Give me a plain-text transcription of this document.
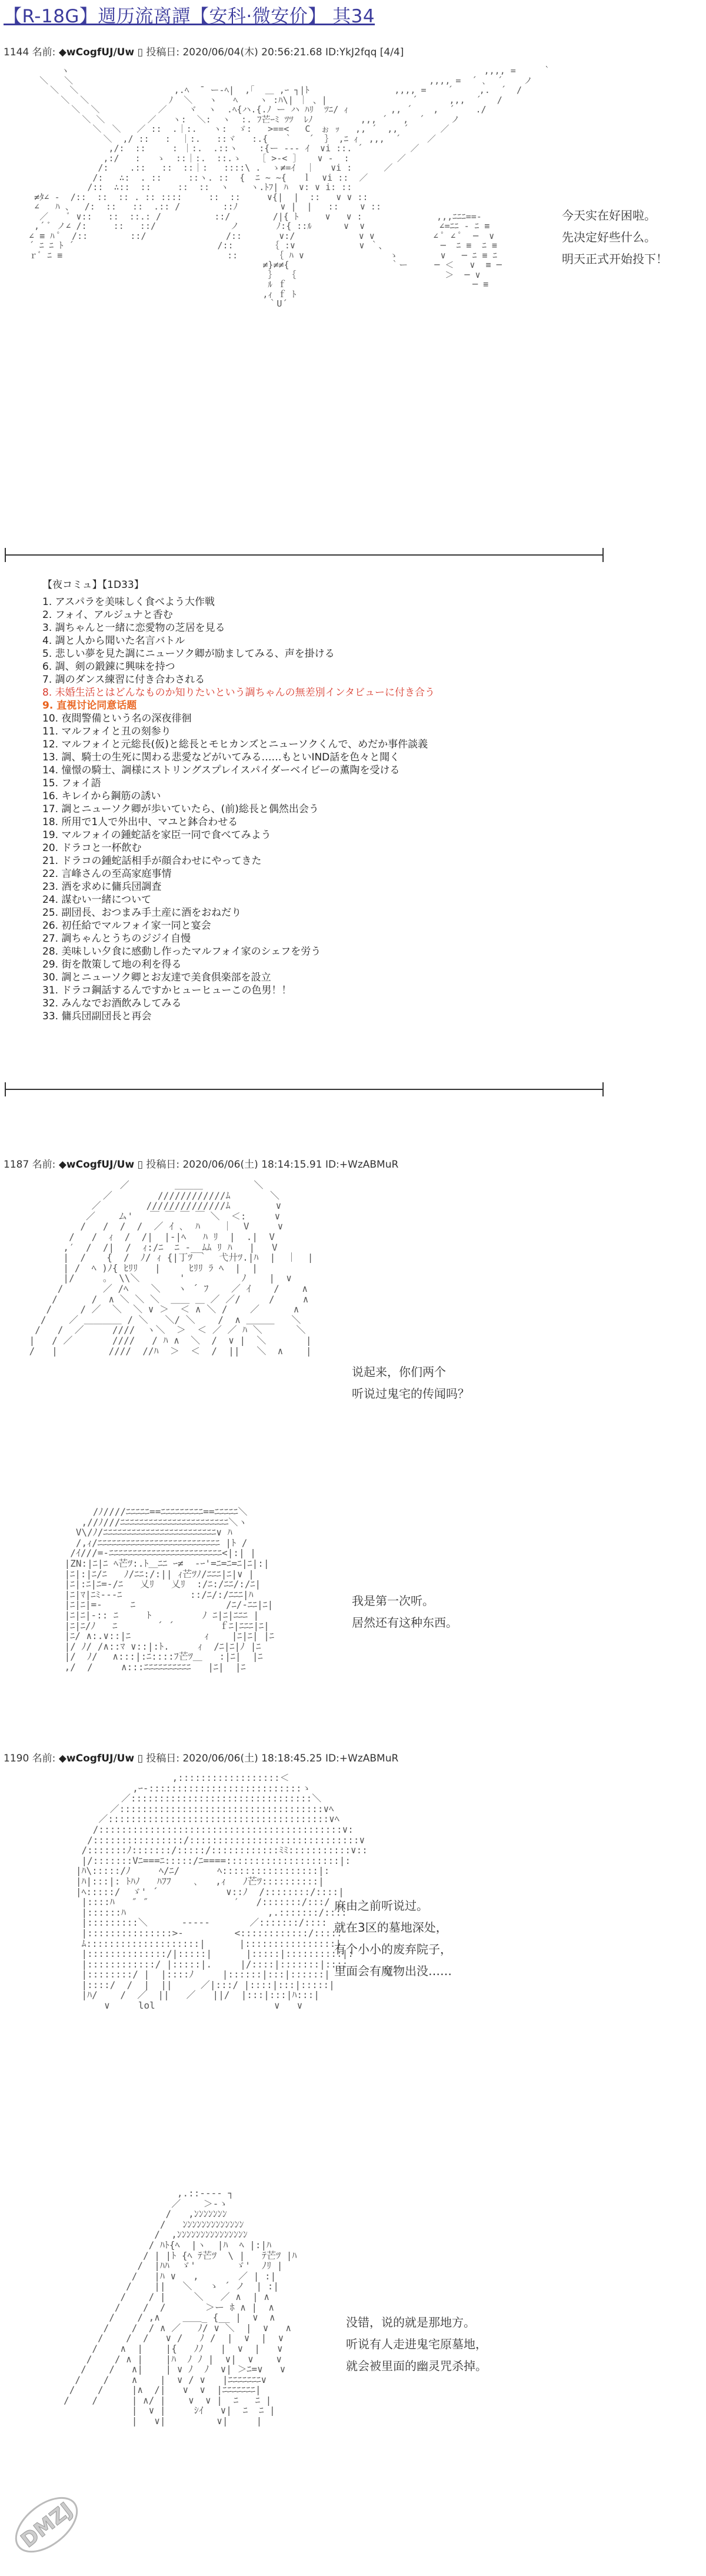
【R-18G】週历流离譚【安科·微安价】 其34
1144 名前: ◆wCogfUJ/Uw ▯ 投稿日: 2020/06/04(木) 20:56:21.68 ID:YkJ2fqq [4/4]
ヽ                                                                              ,,,, =     ｀
＼   ＼                                                                   ,,,, =  ´ ､  ´    ノ
＼  ＼                  ,.ﾍ  ̄  ー-ﾍ|  ,｢  ＿ ,ｰ ┐|ﾄ                ,,,, =    ´     ,.  ´  /
＼  ＼               ﾉ  ＼   ヽ   ﾍ    ヽ :ﾊ\| ｜ 、|                ´      ,,,  ´   /
＼  ＼           ／    ヾ  ヽ  .ﾍ{ハ.{.ﾉ ー ハ ﾊﾘ  ﾂﾆ/ ｨ        ,, ´    ,  ´    ./
＼ ＼        ／   ヽ:  ＼:  ヽ  :. ﾌ芒ｰﾐ ﾂﾂ  ﾚﾉ         ,,, ´   ,  ´     ノ
＼  ＼   ／ ::  .｜:.   ヽ:  ゞ:   >==<   C  ぉ ｯ   ,, ´  ,, ´      ／
＼  ,/ ::   :  ｜:.   ::ヾ   :.{   ｀   ´  ｝ ,ﾆ ｨ  ,,,  ´     ／
,/:  ::     : ｜:.  .::ヽ    :{ー --- ｲ  ∨i ::. ´         ／
,:/   :   ゝ  ::｜:.  ::.ゝ   ［ >-< ］   ∨ ‐  :         ／
/:    .::   ::  ::｜:   ::::\ .  ゝ≠=ｲ  ｜   ∨i :      ／
/:   ∴:  . ::     ::ヽ. ::  {  ﾆ ~ ~{   ｌ  ∨i ::  ／
/::  ∴::  ::     ::  ::  ヽ    ヽ.ﾄﾌ| ﾊ  ∨: ∨ i: ::
≠ﾀ∠ -  /::  ::  :: . :: ::::     ::  ::     ∨{|  |  ::   ∨ ∨ ::
∠   ﾊ 、  /:  ::   ::  .:: /        ::ﾉ        ∨ |  |   ::    ∨ ::
／    ﾞ ∨::   ::  ::.: /          ::/        /|{ ﾄ     ∨   ∨ :              ,,,ﾆﾆﾆ==-
,´ ﾞ ノ∠ /:     ::   ::/              ノ       ﾉ:{ ::ﾙ      ∨  ∨              ∠=ﾆﾆ - ﾆ ≡
∠ ≡ ﾊ ﾟ  /::        ::/               /::       ∨:/            ∨ ∨           ∠ ﾟ ∠ ﾟ  ─  ∨
´ ﾆ ﾆ ﾄ ´                           /::       ｛ :∨            ∨ ｀、          ─  ﾆ ≡  ﾆ ≡
ｒﾞ ﾆ ≡                               ::       ｛ ﾊ ∨                ゝ        ∨   ─ ﾆ ≡ ﾆ
≠}≠≠{                   ｀ー     ─ ＜   ∨  ≡ ─
｝  ｛                            ＞  ─ ∨
ﾙ ｆ                                   ─ ≡
,ｨ ｆ ﾄ
｀U´

今天实在好困啦。
先决定好些什么。
明天正式开始投下！
【夜コミュ】【1D33】
1. アスパラを美味しく食べよう大作戦
2. フォイ、アルジュナと香む
3. 調ちゃんと一緒に恋愛物の芝居を見る
4. 調と人から聞いた名言バトル
5. 悲しい夢を見た調にニューソク卿が励ましてみる、声を掛ける
6. 調、剣の鍛錬に興味を持つ
7. 調のダンス練習に付き合わされる
8. 未婚生活とはどんなものか知りたいという調ちゃんの無差別インタビューに付き合う
9. 直視讨论同意话题
10. 夜間警備という名の深夜徘徊
11. マルフォイと丑の刻参り
12. マルフォイと元総長(仮)と総長とモヒカンズとニューソクくんで、めだか事件談義
13. 調、騎士の生死に関わる悲愛などがいてみる……もといIND話を色々と聞く
14. 憧憬の騎士、調様にストリングスプレイスパイダーベイビーの薫陶を受ける
15. フォイ語
16. キレイから鋼筋の誘い
17. 調とニューソク卿が歩いていたら、(前)総長と偶然出会う
18. 所用で1人で外出中、マユと鉢合わせる
19. マルフォイの鍾蛇話を家臣一同で食べてみよう
20. ドラコと一杯飲む
21. ドラコの鍾蛇話相手が顔合わせにやってきた
22. 言峰さんの至高家庭事情
23. 酒を求めに傭兵団調査
24. 謀むい一緒について
25. 副団長、おつまみ手土産に酒をおねだり
26. 初任給でマルフォイ家一同と宴会
27. 調ちゃんとうちのジジイ自慢
28. 美味しい夕食に感動し作ったマルフォイ家のシェフを労う
29. 街を散策して地の利を得る
30. 調とニューソク卿とお友達で美食倶楽部を設立
31. ドラコ鋼話するんですかヒューヒューこの色男！！
32. みんなでお酒飲みしてみる
33. 傭兵団副団長と再会
1187 名前: ◆wCogfUJ/Uw ▯ 投稿日: 2020/06/06(土) 18:14:15.91 ID:+WzABMuR
／        ＿＿＿         ＼
／        ////////////ﾑ       ＼
／        //////////////ﾑ        ∨
／    ム'   ￣ ￣ ￣ ￣ ＼  ＜:     ∨
/   /  /  /  ／ ｲ ､  ﾊ    ｜  V     ∨
/   /  ｨ  /  /|  |-|ﾍ   ﾊ ﾘ  |  .|  V
,′  /  /|  /  ｨ:/ﾆ  ﾆ ‐__ﾑﾑ ﾘ ﾊ   |   V
|  / 　 {  /  ﾉ/ ｨ {|丁ﾂ ｀  弋廾ﾂ.|ﾊ  |  ｜  |
| /  ﾍ )ﾉ{ ﾋﾘﾘ   |     ﾋﾘﾘ ﾗ ﾍ  |  |
|/     ｡  \\＼       '          ﾉ    |  ∨
/       ／ /ﾍ    ＼   ヽ ´ ﾌ    ／ ｲ    /    ∧
/      /  ∧ ＼ ＼ ＼  ＿＿ ＿ ／ ／/     /     ∧
/     / ／  ＼  ＼ ∨ ＞  ＜ ∧ ＼ /    ／      ∧
/    ／ ＿＿＿＿ / ＼   ＼/ ＼    /  ∧ ＿＿＿   ＼
/   /  ／     ////  ヽ＼  ＞  ＜ ／ ／ ﾊ ＼      ＼
|   / ／       ////   / ﾊ ∧  ＼  /  ∨ |  ＼       |
/   |         ////  //ﾊ  ＞  ＜  /  ||   ＼  ∧    |

说起来，你们两个
听说过鬼宅的传闻吗？
/ﾉ////ﾆﾆﾆﾆﾆ==ﾆﾆﾆﾆﾆﾆﾆﾆﾆ==ﾆﾆﾆﾆﾆ＼
,//ﾉ///ﾆﾆﾆﾆﾆﾆﾆﾆﾆﾆﾆﾆﾆﾆﾆﾆﾆﾆﾆﾆﾆﾆﾆ＼ヽ
V\/ﾉ/ﾆﾆﾆﾆﾆﾆﾆﾆﾆﾆﾆﾆﾆﾆﾆﾆﾆﾆﾆﾆﾆﾆﾆﾆ∨ ﾊ
/,ｨ/ﾆﾆﾆﾆﾆﾆﾆﾆﾆﾆﾆﾆﾆﾆﾆﾆﾆﾆﾆﾆﾆﾆﾆﾆﾆﾆ |ﾄ /
/ｲ///=-ﾆﾆﾆﾆﾆﾆﾆﾆﾆﾆﾆﾆﾆﾆﾆﾆﾆﾆﾆﾆﾆﾆﾆﾆ<|:| |
|ZN:|ﾆ|ﾆ ﾍ芒ﾂ:.ﾄ＿ﾆﾆ ｰ≠  -ｰ'=ﾆ=ﾆ=ﾆ|ﾆ|:|
|ﾆ|:|ﾆ/ﾆ   ﾉ/ﾆﾆ:/:|| ｨ芒ﾂﾉ/ﾆﾆﾆ|ﾆ|∨ |
|ﾆ|:ﾆ|ﾆ=-/ﾆ   乂ﾘ   乂ﾘ  :/ﾆ:/ﾆﾆ/:/ﾆ|
|ﾆ|ﾏ|ﾆﾐ---ﾆ            ::/ﾆ/:/ﾆﾆﾆ|ﾊ
|ﾆ|ﾆ|=-     ﾆ                /ﾆ/-ﾆﾆ|ﾆ|
|ﾆ|ﾆ|-:: ﾆ     ﾄ         ﾉ ﾆ|ﾆ|ﾆﾆﾆ |
|ﾆ|ﾆ/ﾉ   ﾆ       ´ ´        ｆﾆ|ﾆﾆﾆ|ﾆ|
|ﾆ/ ∧:.∨::|ﾆ             ｨ    |ﾆ|ﾆ| |ﾆ
|/ ﾉ/ /∧::ﾏ ∨::|:ﾄ.     ｨ  /ﾆ|ﾆ|ﾉ |ﾆ
|/  ﾉ/ 　∧:::|:ﾆ::::ﾌ芒ﾂ＿   :|ﾆ|  |ﾆ
,/  /     ∧:::ﾆﾆﾆﾆﾆﾆﾆﾆﾆﾆ   |ﾆ|  |ﾆ

我是第一次听。
居然还有这种东西。
1190 名前: ◆wCogfUJ/Uw ▯ 投稿日: 2020/06/06(土) 18:18:45.25 ID:+WzABMuR
,::::::::::::::::::＜
,ｰ-:::::::::::::::::::::::::::ゝ
／::::::::::::::::::::::::::::::::＼
／::::::::::::::::::::::::::::::::::::∨ﾍ
／:::::::::::::::::::::::::::::::::::::::∨ﾍ
/:::::::::::::::::::::::::::::::::::::::::::∨:
/::::::::::::::::/::::::::::::::::::::::::::::::∨
/:::::::ﾉ:::::::/:::::/::::::::::::ﾐﾐ:::::::::::∨::
|/:::::::Vﾆ===ﾆ:::::/ﾆ====::::::::::::::::::::|:
|ﾊ\:::::/ﾉ　　　ﾍ/ﾆ/　　　　ﾍ:::::::::::::::::|:
|ﾊ|:::|: ﾄﾊﾉ   ﾊﾌﾌ    ､   ,ｨ   ﾉ芒ﾂ::::::::::|
|ﾍ:::::/  ゞ' ´            ∨::ﾉ  /::::::::/::::|
|::::ﾊ   ″ ″               ′   /:::::::/:::/
|::::::ﾊ                         ,.:::::::/::::
|:::::::::＼      -‐‐‐-       ／:::::::/::::
|:::::::::::::::>-         <::::::::::::/:::::
ﾑ::::::::::::::::::::|      |::::::::::::::::|
|::::::::::::::/|:::::|      |:::::|::::::::::|:
|::::::::::::/ |:::::|.     |/::::|:::::::|::::
|::::::::/ |  |::::ﾉ     |::::::|:::|::::::|
|::::/  /  |  ||     ／|:::/ |::::|:::|:::::|
|ﾊ/    /  ／  ||   ／   ||/  |:::|:::|ﾊ:::|
∨     lol                     ∨   ∨

麻由之前听说过。
就在3区的墓地深处，
有个小小的废弃院子，
里面会有魔物出没……
,.::-‐‐‐ ┐
／    ＞‐ゝ
/   ,ﾝﾝﾝﾝﾝﾝﾝ
/   ﾝﾝﾝﾝﾝﾝﾝﾝﾝﾝﾝﾝﾝ
/  ,ﾝﾝﾝﾝﾝﾝﾝﾝﾝﾝﾝﾝﾝﾝﾝ
/ ﾊﾄ{ﾍ  |ヽ  |ﾊ  ﾍ |:|ﾊ
/ | |ﾄ {ﾍ ﾃ芒ﾂ  \ |   ﾃ芒ﾂ |ﾊ
/  |ﾊﾊ  ゞ'       ゞ'  ﾉﾘ |
/   |ﾊ ∨   ,       ／ | :|
/    ||   ＼   ゝ ´ ノ  | :|
/    / |     ＼   ／ ∧  | ∧
/    /  /       ＞ー ﾎ ∧ |  ∧
/    / ,∧    ＿＿_ {__ |  ∨  ∧
/    /  / ∧ ／   ﾉ/ ∨ ＼  |  ∨   ∧
/    /  /   ∨ /   ﾉ /  |  ∨  |  ∨
/    ∧  |    |{   ﾉﾉ   |  ∨  |   ∨
/    / ∧ |    |ﾊ  ﾉ ﾉ |  ∨|  ∨    ∨
/    /   ∧|    | ∨ ﾉ  ﾉ  ∨| ＞ﾆ=∨   ∨
/    /    ∧    |  ∨ / ∨   |ﾆﾆﾆﾆﾆﾆﾆ∨
/    /     |∧  /|   ∨  ∨  |ﾆﾆﾆﾆﾆﾆﾆ|
/    /      | ∧/ |    ∨  ∨ |  ﾆ   ﾆ |
|  ∨ |     ｼｲ   ∨|  ﾆ  ﾆ |
|   ∨|         ∨|     |

没错，说的就是那地方。
听说有人走进鬼宅原墓地，
就会被里面的幽灵咒杀掉。
DMZJ
